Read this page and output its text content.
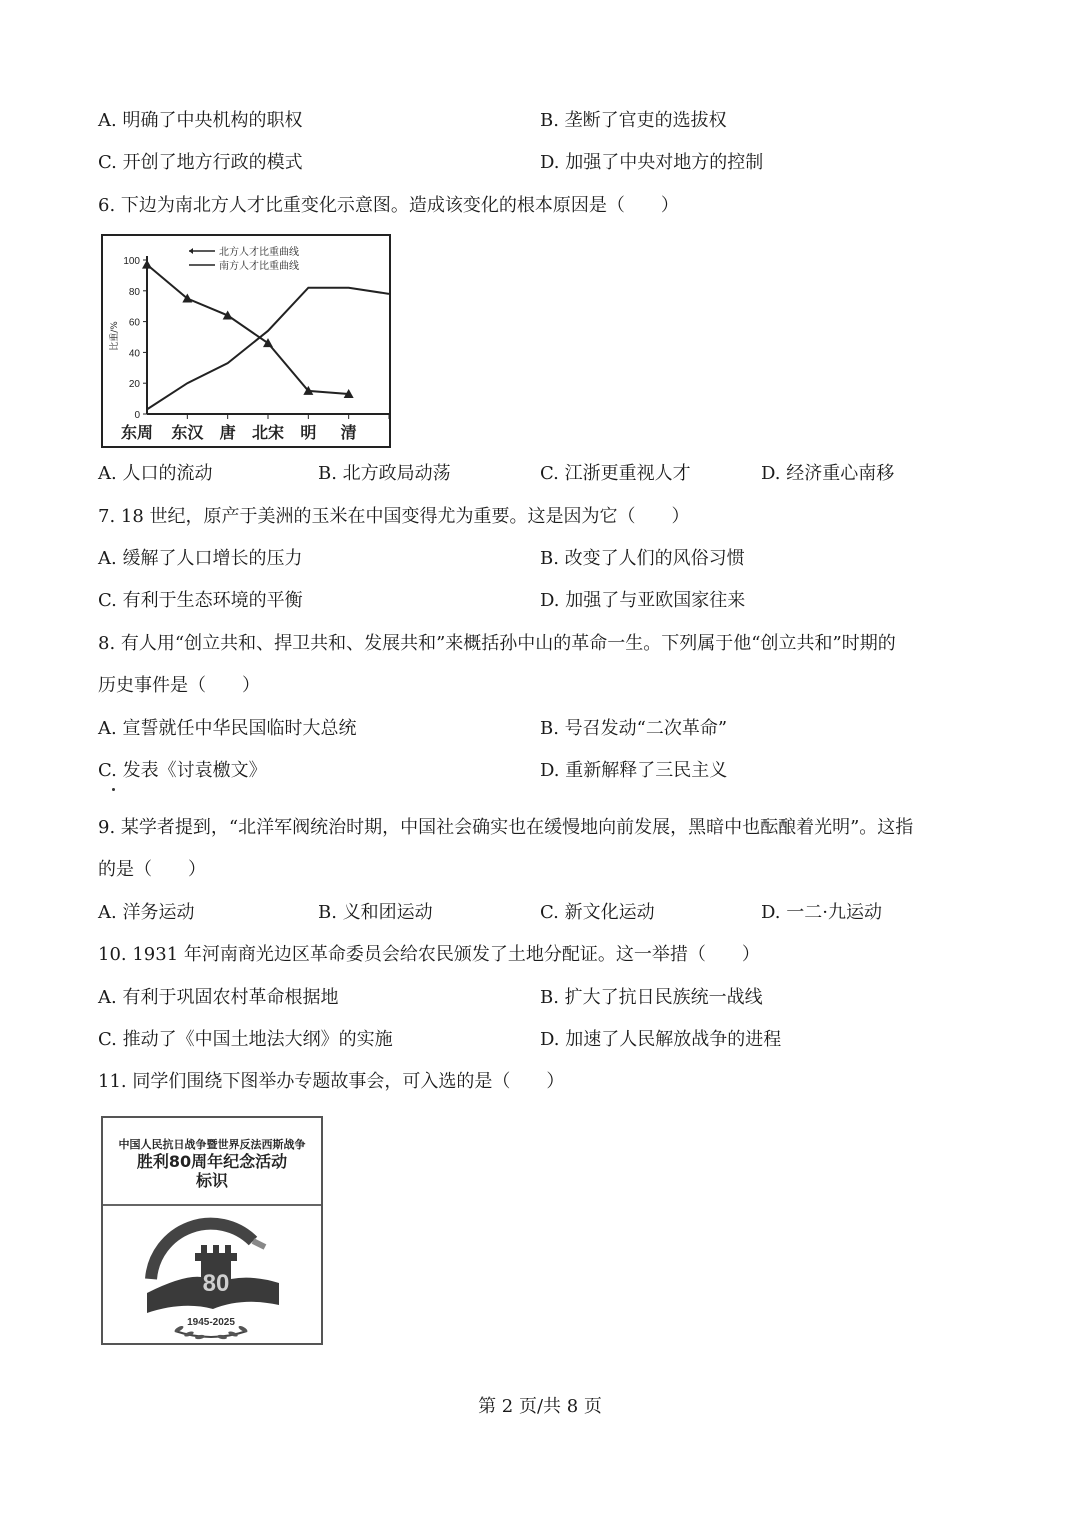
A. 明确了中央机构的职权	B. 垄断了官吏的选拔权
C. 开创了地方行政的模式	D. 加强了中央对地方的控制
6. 下边为南北方人才比重变化示意图。造成该变化的根本原因是（　　）
0
20
40
60
80
100
比重/%
东周 东汉 唐 北宋 明 清
北方人才比重曲线
南方人才比重曲线
A. 人口的流动	B. 北方政局动荡	C. 江浙更重视人才	D. 经济重心南移
7. 18 世纪，原产于美洲的玉米在中国变得尤为重要。这是因为它（　　）
A. 缓解了人口增长的压力	B. 改变了人们的风俗习惯
C. 有利于生态环境的平衡	D. 加强了与亚欧国家往来
8. 有人用“创立共和、捍卫共和、发展共和”来概括孙中山的革命一生。下列属于他“创立共和”时期的
历史事件是（　　）
A. 宣誓就任中华民国临时大总统	B. 号召发动“二次革命”
C. 发表《讨袁檄文》	D. 重新解释了三民主义
9. 某学者提到，“北洋军阀统治时期，中国社会确实也在缓慢地向前发展，黑暗中也酝酿着光明”。这指
的是（　　）
A. 洋务运动	B. 义和团运动	C. 新文化运动	D. 一二·九运动
10. 1931 年河南商光边区革命委员会给农民颁发了土地分配证。这一举措（　　）
A. 有利于巩固农村革命根据地	B. 扩大了抗日民族统一战线
C. 推动了《中国土地法大纲》的实施	D. 加速了人民解放战争的进程
11. 同学们围绕下图举办专题故事会，可入选的是（　　）
中国人民抗日战争暨世界反法西斯战争
胜利80周年纪念活动
标识
80
1945-2025
第 2 页/共 8 页
